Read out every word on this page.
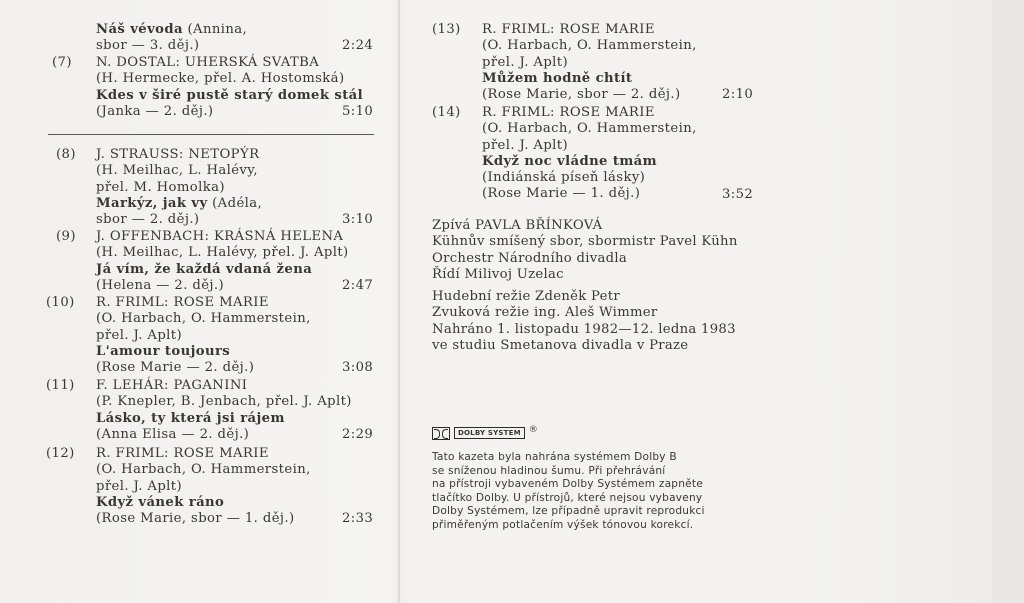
Náš vévoda (Annina,
sbor — 3. děj.)	2:24
(7) N. DOSTAL: UHERSKÁ SVATBA
(H. Hermecke, přel. A. Hostomská)
Kdes v širé pustě starý domek stál
(Janka — 2. děj.)	5:10
(8) J. STRAUSS: NETOPÝR
(H. Meilhac, L. Halévy,
přel. M. Homolka)
Markýz, jak vy (Adéla,
sbor — 2. děj.)	3:10
(9) J. OFFENBACH: KRÁSNÁ HELENA
(H. Meilhac, L. Halévy, přel. J. Aplt)
Já vím, že každá vdaná žena
(Helena — 2. děj.)	2:47
(10) R. FRIML: ROSE MARIE
(O. Harbach, O. Hammerstein,
přel. J. Aplt)
L'amour toujours
(Rose Marie — 2. děj.)	3:08
(11) F. LEHÁR: PAGANINI
(P. Knepler, B. Jenbach, přel. J. Aplt)
Lásko, ty která jsi rájem
(Anna Elisa — 2. děj.)	2:29
(12) R. FRIML: ROSE MARIE
(O. Harbach, O. Hammerstein,
přel. J. Aplt)
Když vánek ráno
(Rose Marie, sbor — 1. děj.)	2:33
(13) R. FRIML: ROSE MARIE
(O. Harbach, O. Hammerstein,
přel. J. Aplt)
Můžem hodně chtít
(Rose Marie, sbor — 2. děj.)	2:10
(14) R. FRIML: ROSE MARIE
(O. Harbach, O. Hammerstein,
přel. J. Aplt)
Když noc vládne tmám
(Indiánská píseň lásky)
(Rose Marie — 1. děj.)	3:52
Zpívá PAVLA BŘÍNKOVÁ
Kühnův smíšený sbor, sbormistr Pavel Kühn
Orchestr Národního divadla
Řídí Milivoj Uzelac
Hudební režie Zdeněk Petr
Zvuková režie ing. Aleš Wimmer
Nahráno 1. listopadu 1982—12. ledna 1983
ve studiu Smetanova divadla v Praze
DOLBY SYSTEM ®
Tato kazeta byla nahrána systémem Dolby B
se sníženou hladinou šumu. Při přehrávání
na přístroji vybaveném Dolby Systémem zapněte
tlačítko Dolby. U přístrojů, které nejsou vybaveny
Dolby Systémem, lze případně upravit reprodukci
přiměřeným potlačením výšek tónovou korekcí.
